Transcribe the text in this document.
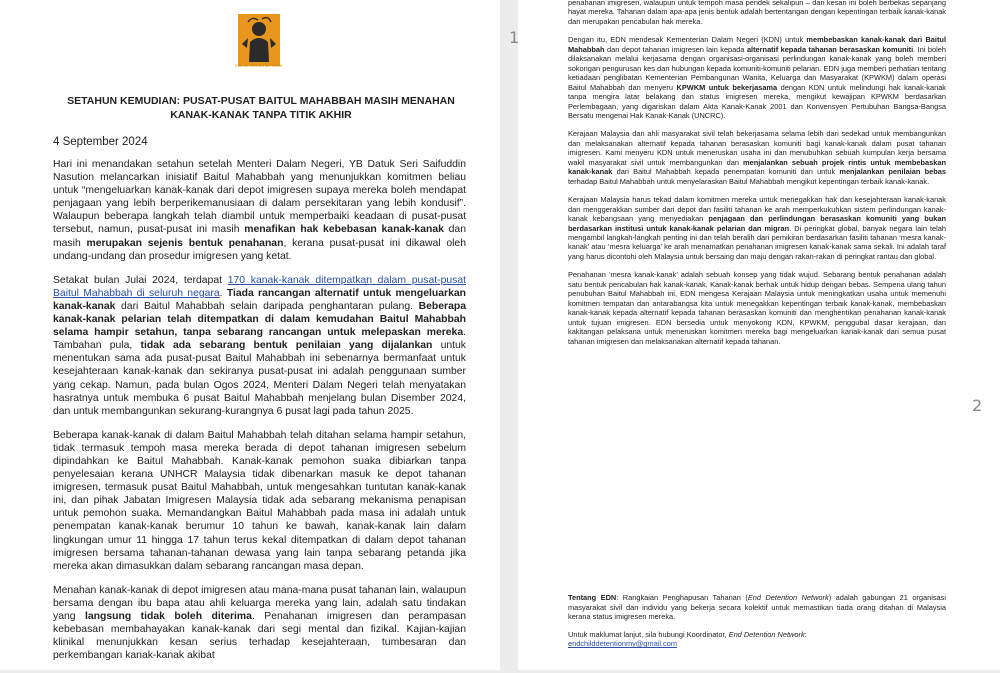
1
2
END DETENTION NETWORK
SETAHUN KEMUDIAN: PUSAT-PUSAT BAITUL MAHABBAH MASIH MENAHAN KANAK-KANAK TANPA TITIK AKHIR

4 September 2024

Hari ini menandakan setahun setelah Menteri Dalam Negeri, YB Datuk Seri Saifuddin Nasution melancarkan inisiatif Baitul Mahabbah yang menunjukkan komitmen beliau untuk “mengeluarkan kanak-kanak dari depot imigresen supaya mereka boleh mendapat penjagaan yang lebih berperikemanusiaan di dalam persekitaran yang lebih kondusif”. Walaupun beberapa langkah telah diambil untuk memperbaiki keadaan di pusat-pusat tersebut, namun, pusat-pusat ini masih menafikan hak kebebasan kanak-kanak dan masih merupakan sejenis bentuk penahanan, kerana pusat-pusat ini dikawal oleh undang-undang dan prosedur imigresen yang ketat.

Setakat bulan Julai 2024, terdapat 170 kanak-kanak ditempatkan dalam pusat-pusat Baitul Mahabbah di seluruh negara. Tiada rancangan alternatif untuk mengeluarkan kanak-kanak dari Baitul Mahabbah selain daripada penghantaran pulang. Beberapa kanak-kanak pelarian telah ditempatkan di dalam kemudahan Baitul Mahabbah selama hampir setahun, tanpa sebarang rancangan untuk melepaskan mereka. Tambahan pula, tidak ada sebarang bentuk penilaian yang dijalankan untuk menentukan sama ada pusat-pusat Baitul Mahabbah ini sebenarnya bermanfaat untuk kesejahteraan kanak-kanak dan sekiranya pusat-pusat ini adalah penggunaan sumber yang cekap. Namun, pada bulan Ogos 2024, Menteri Dalam Negeri telah menyatakan hasratnya untuk membuka 6 pusat Baitul Mahabbah menjelang bulan Disember 2024, dan untuk membangunkan sekurang-kurangnya 6 pusat lagi pada tahun 2025.

Beberapa kanak-kanak di dalam Baitul Mahabbah telah ditahan selama hampir setahun, tidak termasuk tempoh masa mereka berada di depot tahanan imigresen sebelum dipindahkan ke Baitul Mahabbah. Kanak-kanak pemohon suaka dibiarkan tanpa penyelesaian kerana UNHCR Malaysia tidak dibenarkan masuk ke depot tahanan imigresen, termasuk pusat Baitul Mahabbah, untuk mengesahkan tuntutan kanak-kanak ini, dan pihak Jabatan Imigresen Malaysia tidak ada sebarang mekanisma penapisan untuk pemohon suaka. Memandangkan Baitul Mahabbah pada masa ini adalah untuk penempatan kanak-kanak berumur 10 tahun ke bawah, kanak-kanak lain dalam lingkungan umur 11 hingga 17 tahun terus kekal ditempatkan di dalam depot tahanan imigresen bersama tahanan-tahanan dewasa yang lain tanpa sebarang petanda jika mereka akan dimasukkan dalam sebarang rancangan masa depan.

Menahan kanak-kanak di depot imigresen atau mana-mana pusat tahanan lain, walaupun bersama dengan ibu bapa atau ahli keluarga mereka yang lain, adalah satu tindakan yang langsung tidak boleh diterima. Penahanan imigresen dan perampasan kebebasan membahayakan kanak-kanak dari segi mental dan fizikal. Kajian-kajian klinikal menunjukkan kesan serius terhadap kesejahteraan, tumbesaran dan perkembangan kanak-kanak akibat

penahanan imigresen, walaupun untuk tempoh masa pendek sekalipun – dan kesan ini boleh berbekas sepanjang hayat mereka. Tahanan dalam apa-apa jenis bentuk adalah bertentangan dengan kepentingan terbaik kanak-kanak dan merupakan pencabulan hak mereka.

Dengan itu, EDN mendesak Kementerian Dalam Negeri (KDN) untuk membebaskan kanak-kanak dari Baitul Mahabbah dan depot tahanan imigresen lain kepada alternatif kepada tahanan berasaskan komuniti. Ini boleh dilaksanakan melalui kerjasama dengan organisasi-organisasi perlindungan kanak-kanak yang boleh memberi sokongan pengurusan kes dan hubungan kepada komuniti-komuniti pelarian. EDN juga memberi perhatian tentang ketiadaan penglibatan Kementerian Pembangunan Wanita, Keluarga dan Masyarakat (KPWKM) dalam operasi Baitul Mahabbah dan menyeru KPWKM untuk bekerjasama dengan KDN untuk melindungi hak kanak-kanak tanpa mengira latar belakang dan status imigresen mereka, mengikut kewajipan KPWKM berdasarkan Perlembagaan, yang digariskan dalam Akta Kanak-Kanak 2001 dan Konvensyen Pertubuhan Bangsa-Bangsa Bersatu mengenai Hak Kanak-Kanak (UNCRC).

Kerajaan Malaysia dan ahli masyarakat sivil telah bekerjasama selama lebih dari sedekad untuk membangunkan dan melaksanakan alternatif kepada tahanan berasaskan komuniti bagi kanak-kanak dalam pusat tahanan imigresen. Kami menyeru KDN untuk meneruskan usaha ini dan menubuhkan sebuah kumpulan kerja bersama wakil masyarakat sivil untuk membangunkan dan menjalankan sebuah projek rintis untuk membebaskan kanak-kanak dari Baitul Mahabbah kepada penempatan komuniti dan untuk menjalankan penilaian bebas terhadap Baitul Mahabbah untuk menyelaraskan Baitul Mahabbah mengikut kepentingan terbaik kanak-kanak.

Kerajaan Malaysia harus tekad dalam komitmen mereka untuk menegakkan hak dan kesejahteraan kanak-kanak dan menggerakkan sumber dari depot dan fasiliti tahanan ke arah memperkukuhkan sistem perlindungan kanak-kanak kebangsaan yang menyediakan penjagaan dan perlindungan berasaskan komuniti yang bukan berdasarkan institusi untuk kanak-kanak pelarian dan migran. Di peringkat global, banyak negara lain telah mengambil langkah-langkah penting ini dan telah beralih dari pemikiran berdasarkan fasiliti tahanan ‘mesra kanak-kanak’ atau ‘mesra keluarga’ ke arah menamatkan penahanan imigresen kanak-kanak sama sekali. Ini adalah taraf yang harus dicontohi oleh Malaysia untuk bersaing dan maju dengan rakan-rakan di peringkat rantau dan global.

Penahanan ‘mesra kanak-kanak’ adalah sebuah konsep yang tidak wujud. Sebarang bentuk penahanan adalah satu bentuk pencabulan hak kanak-kanak. Kanak-kanak berhak untuk hidup dengan bebas. Sempena ulang tahun penubuhan Baitul Mahabbah ini, EDN mengesa Kerajaan Malaysia untuk meningkatkan usaha untuk memenuhi komitmen tempatan dan antarabangsa kita untuk menegakkan kepentingan terbaik kanak-kanak, membebaskan kanak-kanak kepada alternatif kepada tahanan berasaskan komuniti dan menghentikan penahanan kanak-kanak untuk tujuan imigresen. EDN bersedia untuk menyokong KDN, KPWKM, penggubal dasar kerajaan, dan kakitangan pelaksana untuk meneruskan komitmen mereka bagi mengeluarkan kanak-kanak dari semua pusat tahanan imigresen dan melaksanakan alternatif kepada tahanan.

Tentang EDN: Rangkaian Penghapusan Tahanan (End Detention Network) adalah gabungan 21 organisasi masyarakat sivil dan individu yang bekerja secara kolektif untuk memastikan tiada orang ditahan di Malaysia kerana status imigresen mereka.

Untuk maklumat lanjut, sila hubungi Koordinator, End Detention Network:
endchilddetentionmy@gmail.com
